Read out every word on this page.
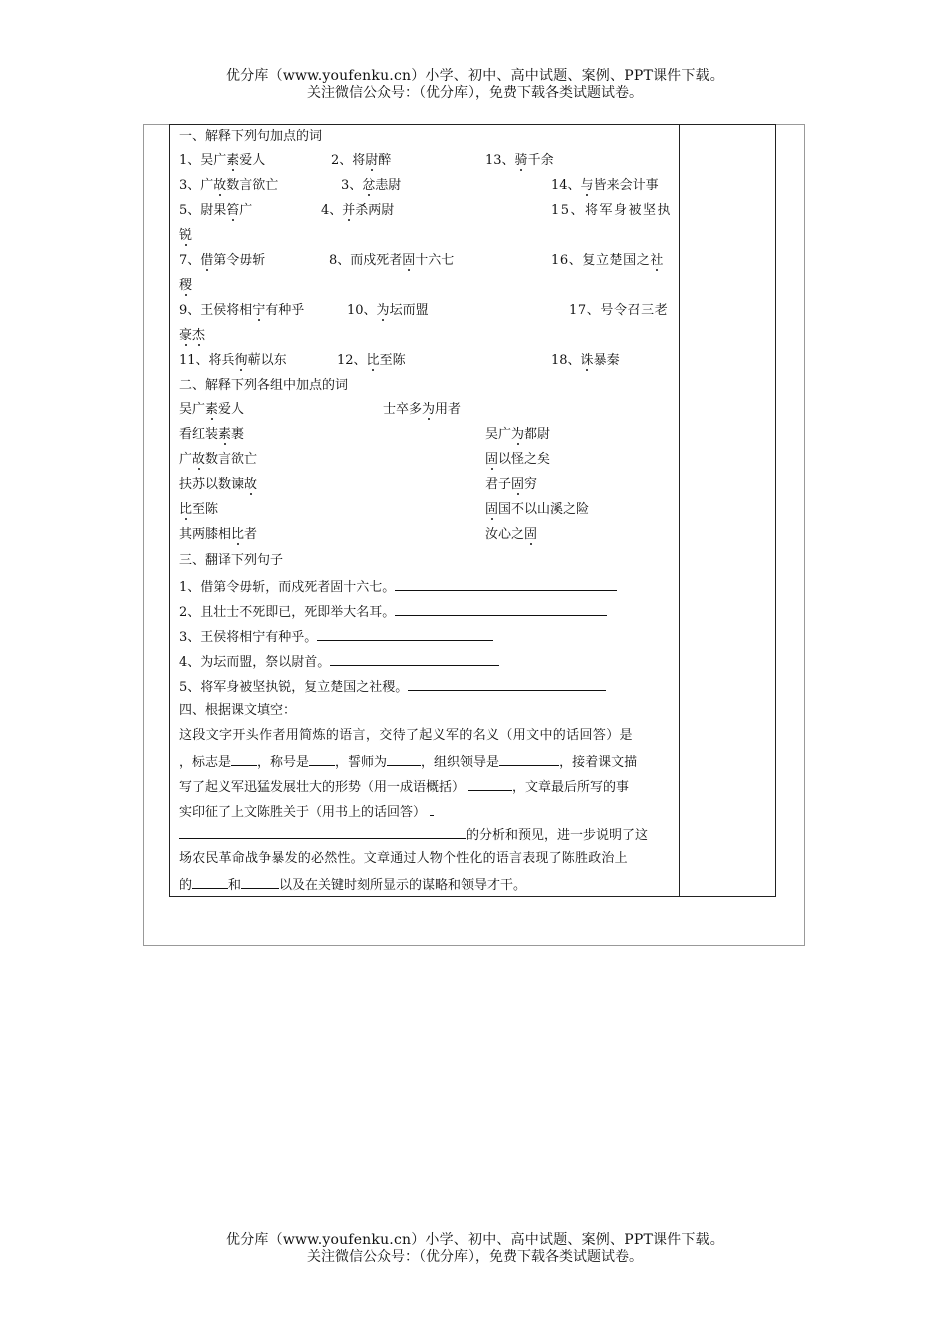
优分库（www.youfenku.cn）小学、初中、高中试题、案例、PPT课件下载。
关注微信公众号：（优分库），免费下载各类试题试卷。
一、解释下列句加点的词
1、吴广素爱人	2、将尉醉	13、骑千余
3、广故数言欲亡	3、忿恚尉	14、与皆来会计事
5、尉果笞广	4、并杀两尉	15、将军身被坚执
锐
7、借第令毋斩	8、而戍死者固十六七	16、复立楚国之社
稷
9、王侯将相宁有种乎	10、为坛而盟	17、号令召三老
豪杰
11、将兵徇蕲以东	12、比至陈	18、诛暴秦
二、解释下列各组中加点的词
吴广素爱人	士卒多为用者
看红装素裹	吴广为都尉
广故数言欲亡	固以怪之矣
扶苏以数谏故	君子固穷
比至陈	固国不以山溪之险
其两膝相比者	汝心之固
三、翻译下列句子
1、借第令毋斩，而戍死者固十六七。
2、且壮士不死即已，死即举大名耳。
3、王侯将相宁有种乎。
4、为坛而盟，祭以尉首。
5、将军身被坚执锐，复立楚国之社稷。
四、根据课文填空：
这段文字开头作者用简炼的语言，交待了起义军的名义（用文中的话回答）是
，标志是 ，称号是 ，誓师为	，组织领导是	，接着课文描
写了起义军迅猛发展壮大的形势（用一成语概括）	，文章最后所写的事
实印征了上文陈胜关于（用书上的话回答）
的分析和预见，进一步说明了这
场农民革命战争暴发的必然性。文章通过人物个性化的语言表现了陈胜政治上
的	和	以及在关键时刻所显示的谋略和领导才干。
优分库（www.youfenku.cn）小学、初中、高中试题、案例、PPT课件下载。
关注微信公众号：（优分库），免费下载各类试题试卷。
